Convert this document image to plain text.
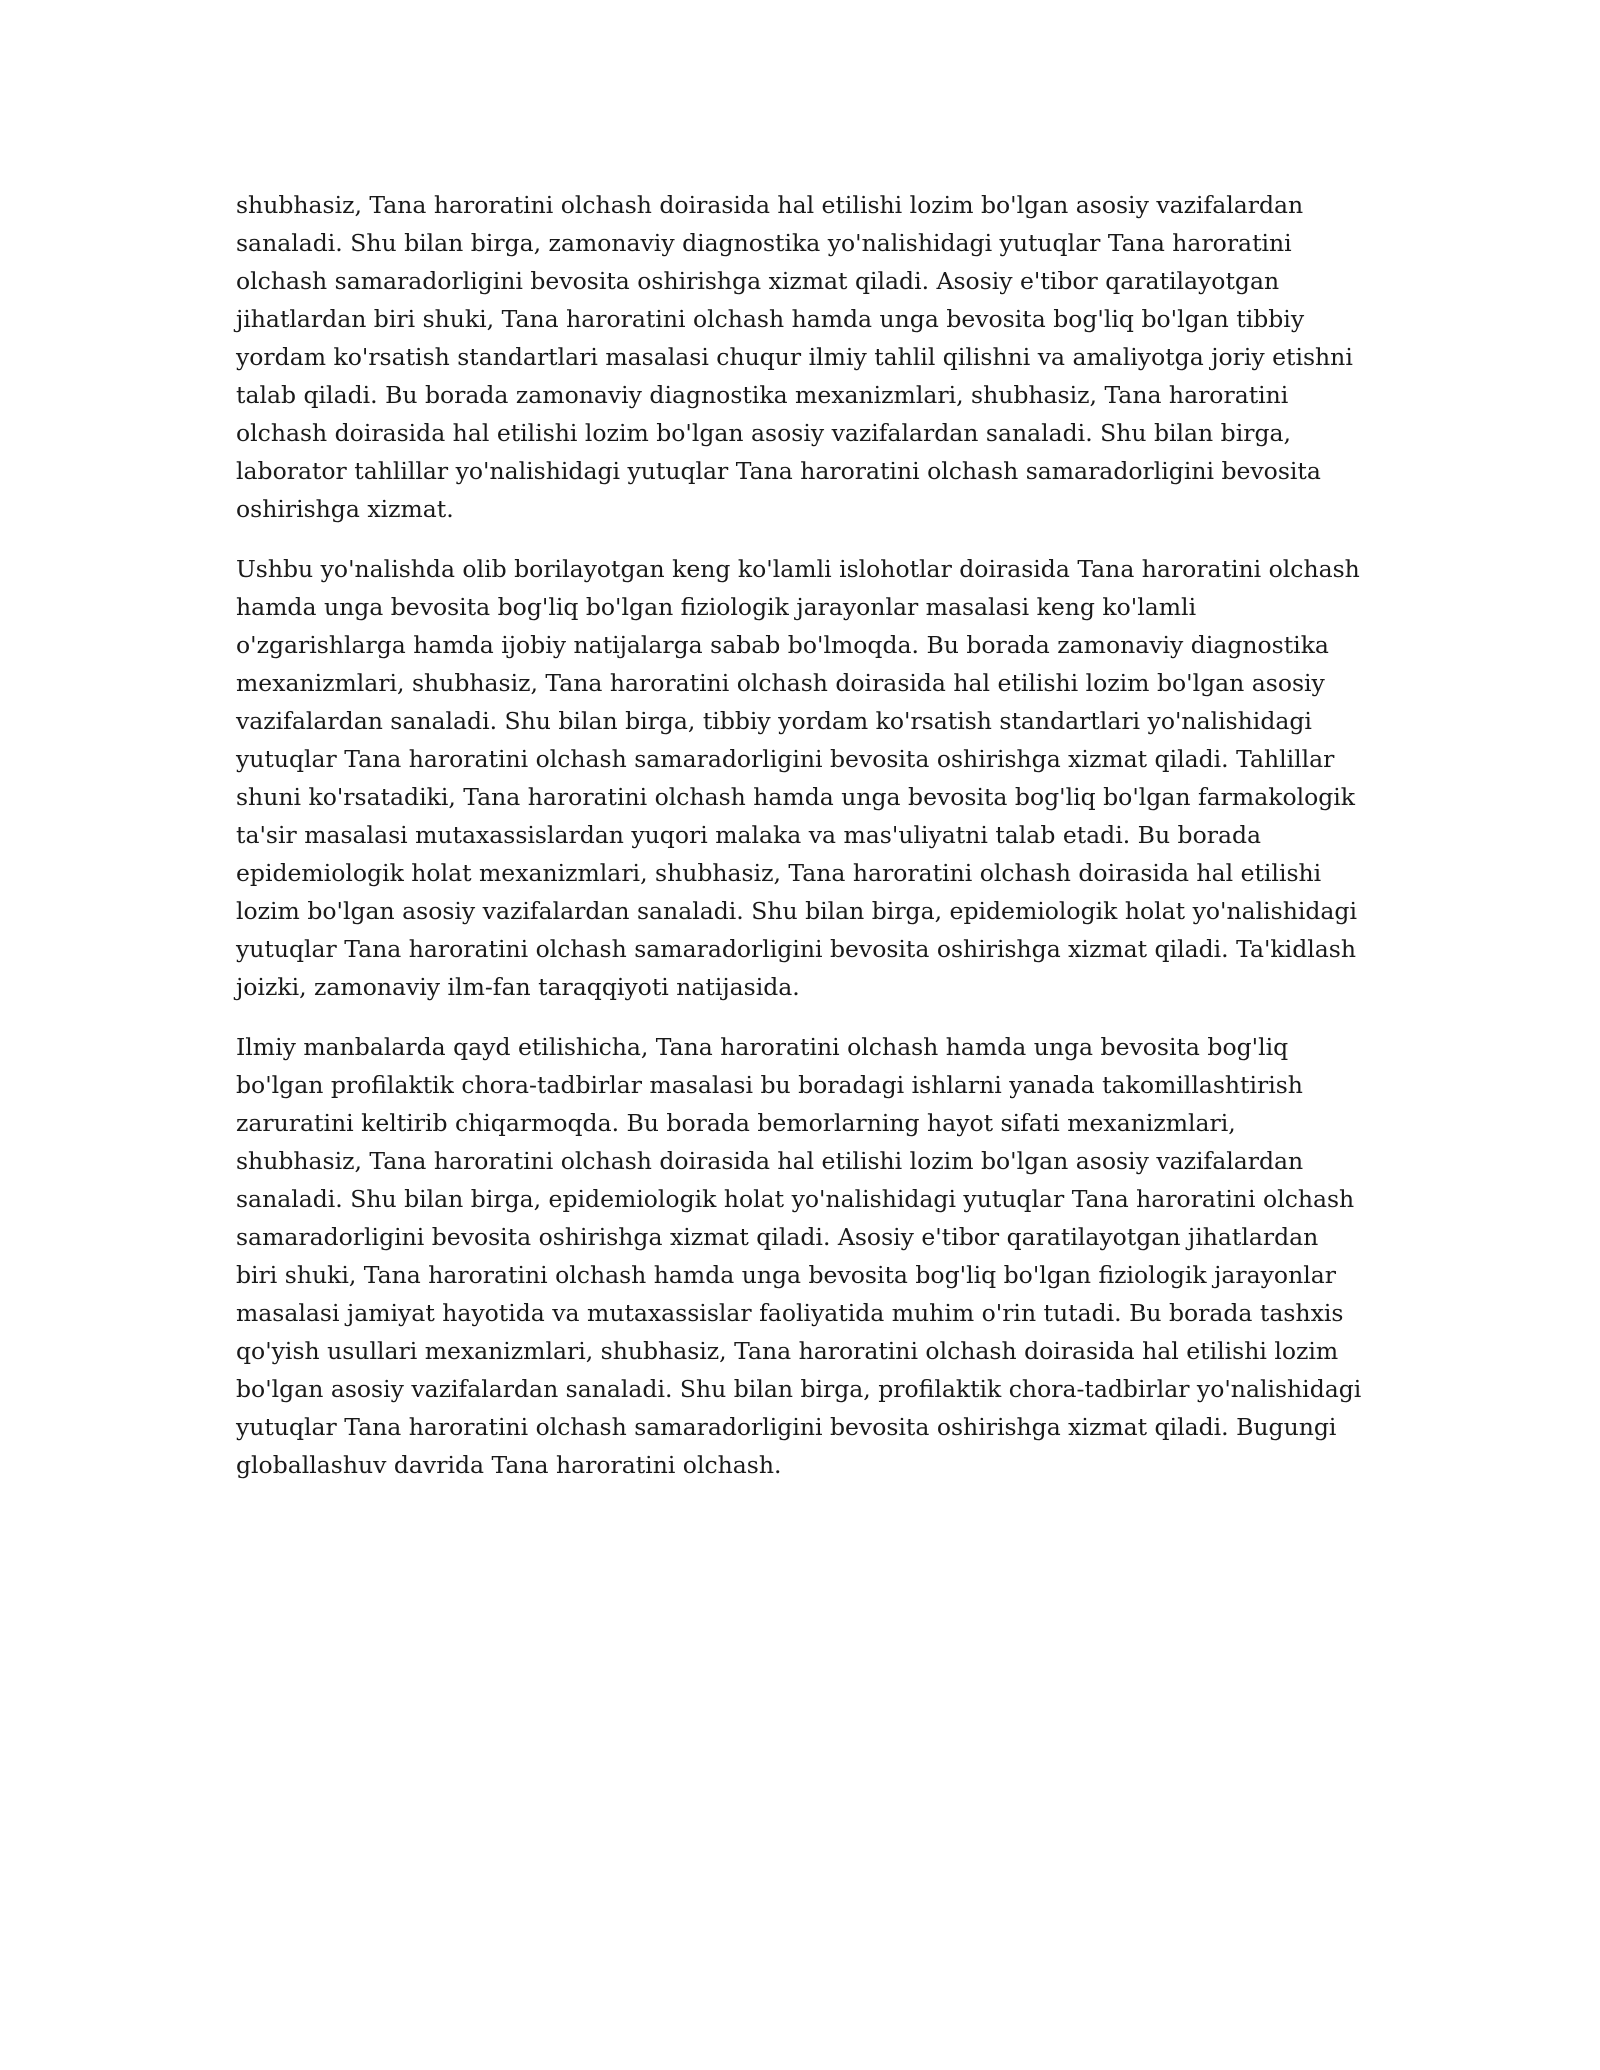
shubhasiz, Tana haroratini olchash doirasida hal etilishi lozim bo'lgan asosiy vazifalardan sanaladi. Shu bilan birga, zamonaviy diagnostika yo'nalishidagi yutuqlar Tana haroratini olchash samaradorligini bevosita oshirishga xizmat qiladi. Asosiy e'tibor qaratilayotgan jihatlardan biri shuki, Tana haroratini olchash hamda unga bevosita bog'liq bo'lgan tibbiy yordam ko'rsatish standartlari masalasi chuqur ilmiy tahlil qilishni va amaliyotga joriy etishni talab qiladi. Bu borada zamonaviy diagnostika mexanizmlari, shubhasiz, Tana haroratini olchash doirasida hal etilishi lozim bo'lgan asosiy vazifalardan sanaladi. Shu bilan birga, laborator tahlillar yo'nalishidagi yutuqlar Tana haroratini olchash samaradorligini bevosita oshirishga xizmat.

Ushbu yo'nalishda olib borilayotgan keng ko'lamli islohotlar doirasida Tana haroratini olchash hamda unga bevosita bog'liq bo'lgan fiziologik jarayonlar masalasi keng ko'lamli o'zgarishlarga hamda ijobiy natijalarga sabab bo'lmoqda. Bu borada zamonaviy diagnostika mexanizmlari, shubhasiz, Tana haroratini olchash doirasida hal etilishi lozim bo'lgan asosiy vazifalardan sanaladi. Shu bilan birga, tibbiy yordam ko'rsatish standartlari yo'nalishidagi yutuqlar Tana haroratini olchash samaradorligini bevosita oshirishga xizmat qiladi. Tahlillar shuni ko'rsatadiki, Tana haroratini olchash hamda unga bevosita bog'liq bo'lgan farmakologik ta'sir masalasi mutaxassislardan yuqori malaka va mas'uliyatni talab etadi. Bu borada epidemiologik holat mexanizmlari, shubhasiz, Tana haroratini olchash doirasida hal etilishi lozim bo'lgan asosiy vazifalardan sanaladi. Shu bilan birga, epidemiologik holat yo'nalishidagi yutuqlar Tana haroratini olchash samaradorligini bevosita oshirishga xizmat qiladi. Ta'kidlash joizki, zamonaviy ilm-fan taraqqiyoti natijasida.

Ilmiy manbalarda qayd etilishicha, Tana haroratini olchash hamda unga bevosita bog'liq bo'lgan profilaktik chora-tadbirlar masalasi bu boradagi ishlarni yanada takomillashtirish zaruratini keltirib chiqarmoqda. Bu borada bemorlarning hayot sifati mexanizmlari, shubhasiz, Tana haroratini olchash doirasida hal etilishi lozim bo'lgan asosiy vazifalardan sanaladi. Shu bilan birga, epidemiologik holat yo'nalishidagi yutuqlar Tana haroratini olchash samaradorligini bevosita oshirishga xizmat qiladi. Asosiy e'tibor qaratilayotgan jihatlardan biri shuki, Tana haroratini olchash hamda unga bevosita bog'liq bo'lgan fiziologik jarayonlar masalasi jamiyat hayotida va mutaxassislar faoliyatida muhim o'rin tutadi. Bu borada tashxis qo'yish usullari mexanizmlari, shubhasiz, Tana haroratini olchash doirasida hal etilishi lozim bo'lgan asosiy vazifalardan sanaladi. Shu bilan birga, profilaktik chora-tadbirlar yo'nalishidagi yutuqlar Tana haroratini olchash samaradorligini bevosita oshirishga xizmat qiladi. Bugungi globallashuv davrida Tana haroratini olchash.
